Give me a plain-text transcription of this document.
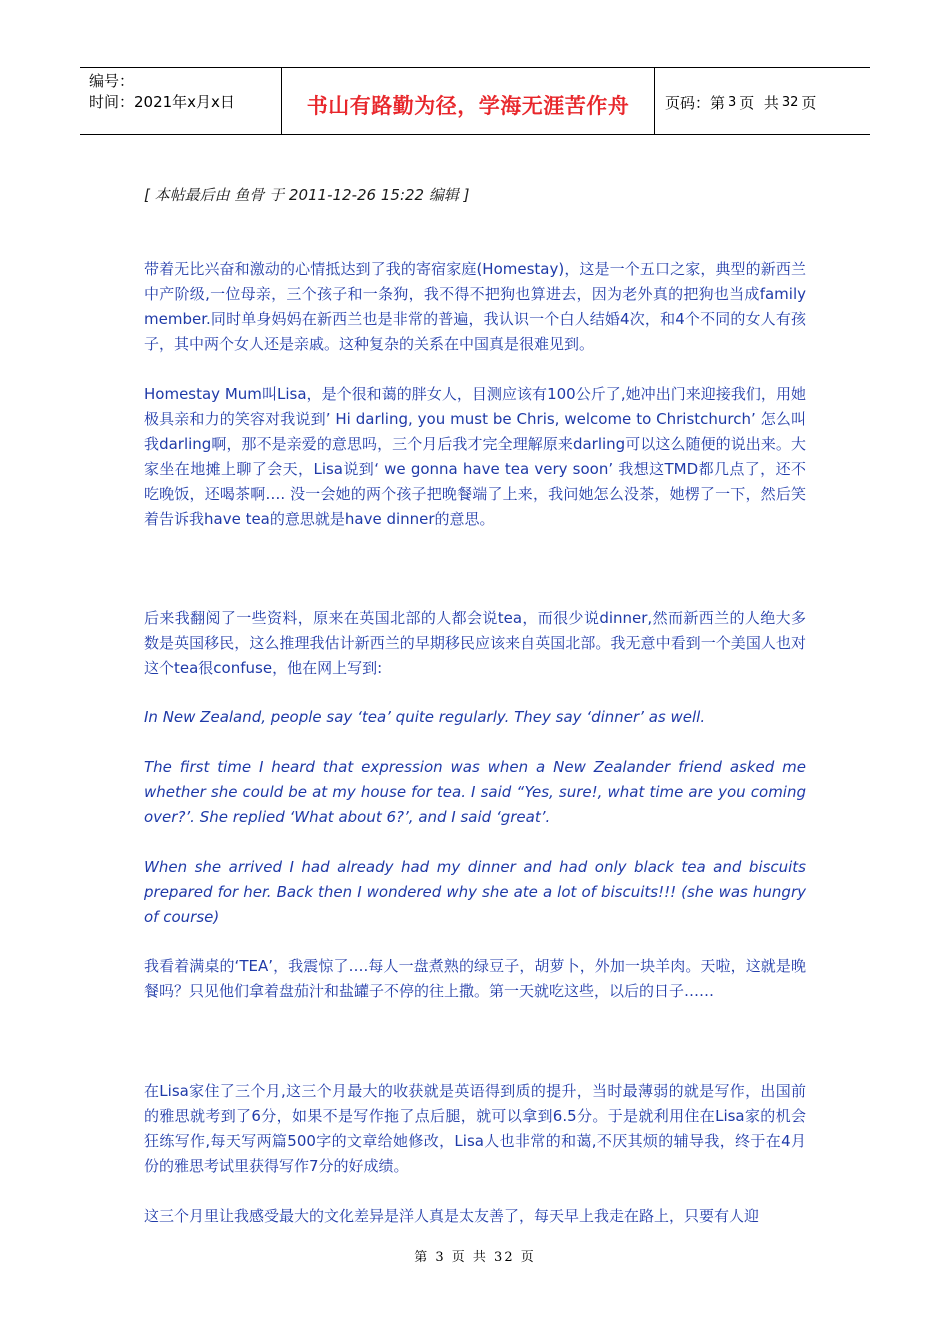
编号：
时间：2021年x月x日	书山有路勤为径，学海无涯苦作舟 页码：第 3 页  共 32 页
[ 本帖最后由 鱼骨 于 2011-12-26 15:22 编辑 ]

带着无比兴奋和激动的心情抵达到了我的寄宿家庭(Homestay)，这是一个五口之家，典型的新西兰中产阶级,一位母亲，三个孩子和一条狗，我不得不把狗也算进去，因为老外真的把狗也当成family member.同时单身妈妈在新西兰也是非常的普遍，我认识一个白人结婚4次，和4个不同的女人有孩子，其中两个女人还是亲戚。这种复杂的关系在中国真是很难见到。

Homestay Mum叫Lisa，是个很和蔼的胖女人，目测应该有100公斤了,她冲出门来迎接我们，用她极具亲和力的笑容对我说到’ Hi darling, you must be Chris, welcome to Christchurch’ 怎么叫我darling啊，那不是亲爱的意思吗，三个月后我才完全理解原来darling可以这么随便的说出来。大家坐在地摊上聊了会天，Lisa说到‘ we gonna have tea very soon’ 我想这TMD都几点了，还不吃晚饭，还喝茶啊…. 没一会她的两个孩子把晚餐端了上来，我问她怎么没茶，她楞了一下，然后笑着告诉我have tea的意思就是have dinner的意思。

后来我翻阅了一些资料，原来在英国北部的人都会说tea，而很少说dinner,然而新西兰的人绝大多数是英国移民，这么推理我估计新西兰的早期移民应该来自英国北部。我无意中看到一个美国人也对这个tea很confuse，他在网上写到:

In New Zealand, people say ‘tea’ quite regularly. They say ‘dinner’ as well.

The first time I heard that expression was when a New Zealander friend asked me whether she could be at my house for tea. I said “Yes, sure!, what time are you coming over?’. She replied ‘What about 6?’, and I said ‘great’.

When she arrived I had already had my dinner and had only black tea and biscuits prepared for her. Back then I wondered why she ate a lot of biscuits!!! (she was hungry of course)

我看着满桌的‘TEA’，我震惊了….每人一盘煮熟的绿豆子，胡萝卜，外加一块羊肉。天啦，这就是晚餐吗？只见他们拿着盘茄汁和盐罐子不停的往上撒。第一天就吃这些，以后的日子……

在Lisa家住了三个月,这三个月最大的收获就是英语得到质的提升，当时最薄弱的就是写作，出国前的雅思就考到了6分，如果不是写作拖了点后腿，就可以拿到6.5分。于是就利用住在Lisa家的机会狂练写作,每天写两篇500字的文章给她修改，Lisa人也非常的和蔼,不厌其烦的辅导我，终于在4月份的雅思考试里获得写作7分的好成绩。

这三个月里让我感受最大的文化差异是洋人真是太友善了，每天早上我走在路上，只要有人迎

第 3 页 共 32 页
